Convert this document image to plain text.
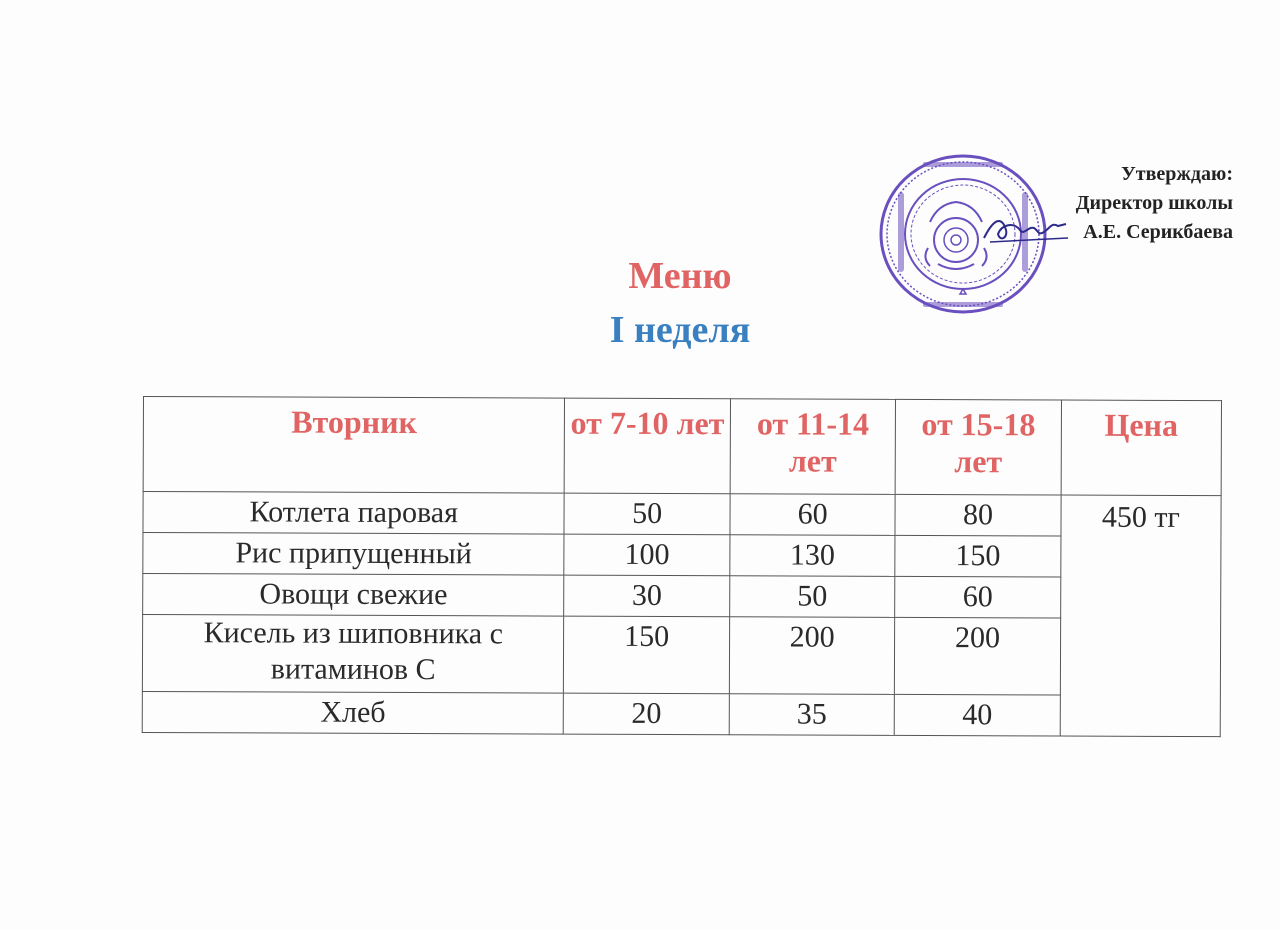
Утверждаю:
Директор школы
А.Е. Серикбаева
Меню
I неделя
Вторник	от 7-10 лет	от 11-14 лет	от 15-18 лет	Цена
Котлета паровая	50	60	80	450 тг
Рис припущенный	100	130	150	
Овощи свежие	30	50	60	
Кисель из шиповника с витаминов С	150	200	200	
Хлеб	20	35	40	
